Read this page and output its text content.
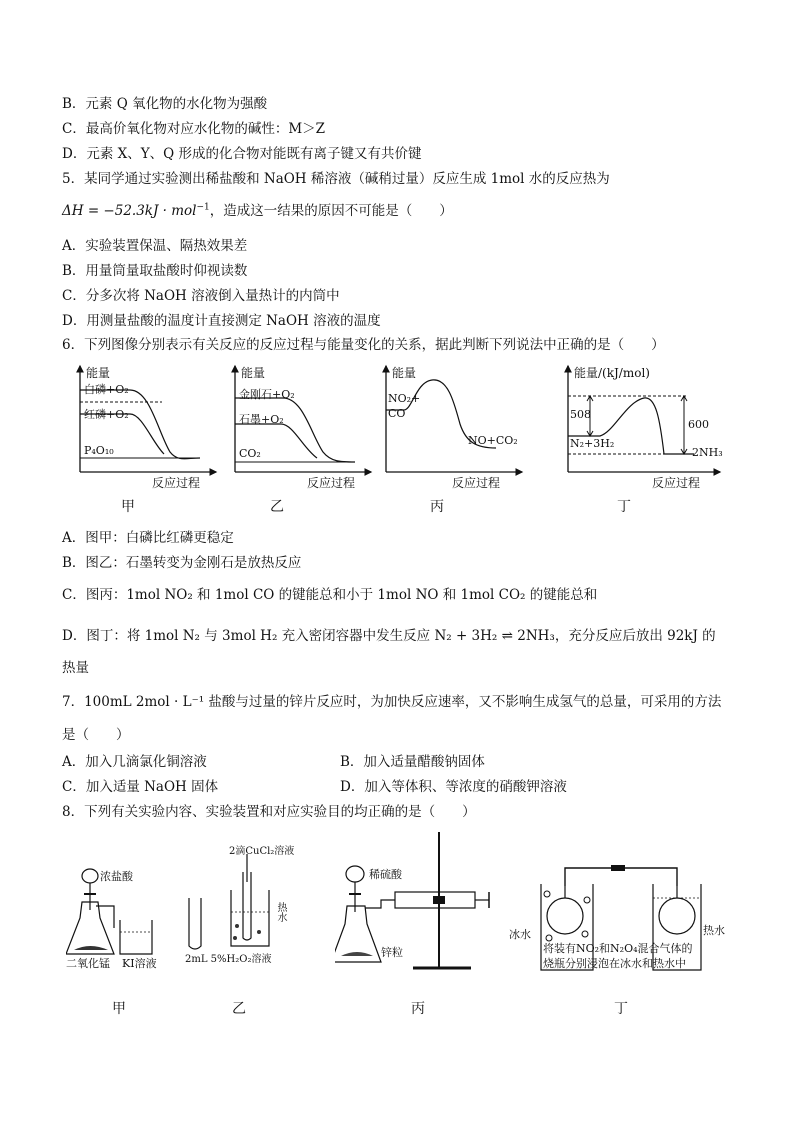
B．元素 Q 氧化物的水化物为强酸
C．最高价氧化物对应水化物的碱性：M＞Z
D．元素 X、Y、Q 形成的化合物对能既有离子键又有共价键
5．某同学通过实验测出稀盐酸和 NaOH 稀溶液（碱稍过量）反应生成 1mol 水的反应热为
ΔH = −52.3kJ · mol$^{-1}$，造成这一结果的原因不可能是（　　）
A．实验装置保温、隔热效果差
B．用量筒量取盐酸时仰视读数
C．分多次将 NaOH 溶液倒入量热计的内筒中
D．用测量盐酸的温度计直接测定 NaOH 溶液的温度
6．下列图像分别表示有关反应的反应过程与能量变化的关系，据此判断下列说法中正确的是（　　）
能量
白磷+O₂
红磷+O₂
P₄O₁₀
反应过程
甲
能量
金刚石+O₂
石墨+O₂
CO₂
反应过程
乙
能量
NO₂+
CO
NO+CO₂
反应过程
丙
能量/(kJ/mol)
508
N₂+3H₂
600
2NH₃
反应过程
丁
A．图甲：白磷比红磷更稳定
B．图乙：石墨转变为金刚石是放热反应
C．图丙：1mol NO₂ 和 1mol CO 的键能总和小于 1mol NO 和 1mol CO₂ 的键能总和
D．图丁：将 1mol N₂ 与 3mol H₂ 充入密闭容器中发生反应 N₂ + 3H₂ ⇌ 2NH₃，充分反应后放出 92kJ 的
热量
7．100mL 2mol · L⁻¹ 盐酸与过量的锌片反应时，为加快反应速率，又不影响生成氢气的总量，可采用的方法
是（　　）
A．加入几滴氯化铜溶液	B．加入适量醋酸钠固体
C．加入适量 NaOH 固体	D．加入等体积、等浓度的硝酸钾溶液
8．下列有关实验内容、实验装置和对应实验目的均正确的是（　　）
浓盐酸
二氧化锰 KI溶液
甲
2滴CuCl₂溶液
热水
2mL 5%H₂O₂溶液
乙
稀硫酸
锌粒
丙
冰水	热水
将装有NO₂和N₂O₄混合气体的
烧瓶分别浸泡在冰水和热水中
丁
